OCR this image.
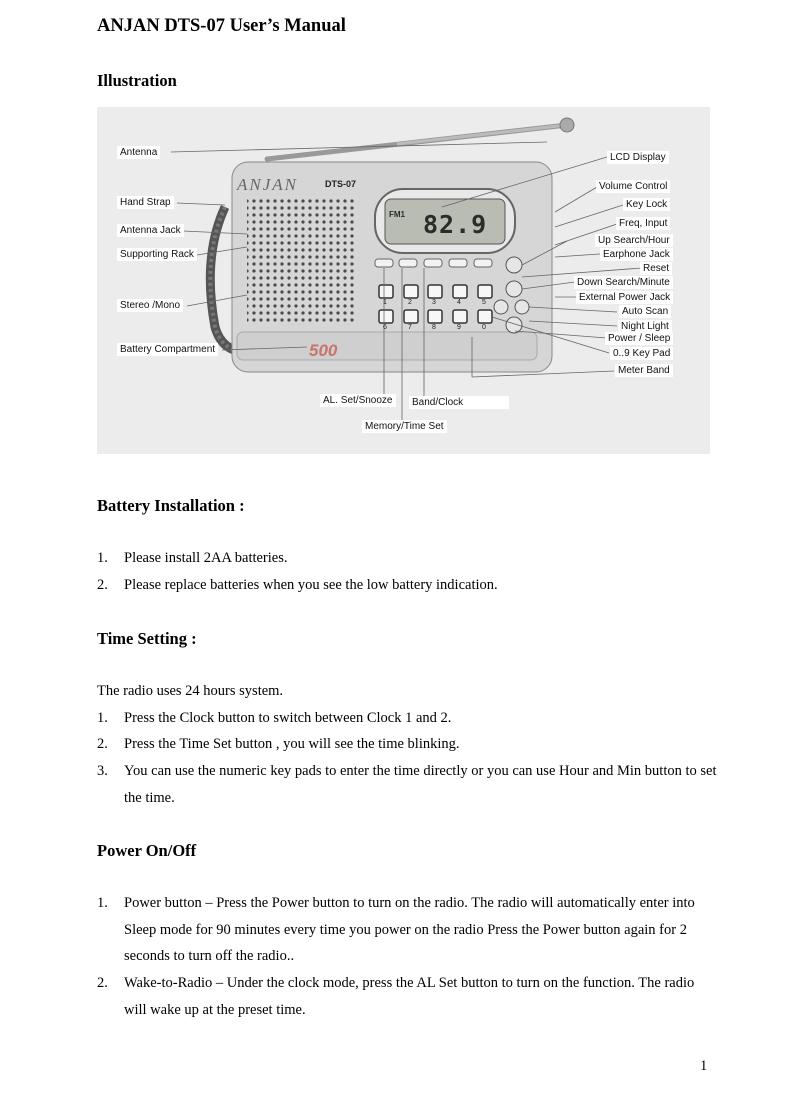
ANJAN DTS-07 User’s Manual
Illustration
ANJAN	DTS-07
FM1 82.9
500
1	2	3	4	5
6	7	8	9	0
Antenna
Hand Strap
Antenna Jack
Supporting Rack
Stereo /Mono
Battery Compartment
LCD Display
Volume Control
Key Lock
Freq, Input
Up Search/Hour
Earphone Jack
Reset
Down Search/Minute
External Power Jack
Auto Scan
Night Light
Power / Sleep
0..9 Key Pad
Meter Band
AL. Set/Snooze	Band/Clock
Memory/Time Set
Battery Installation :
1. Please install 2AA batteries.
2. Please replace batteries when you see the low battery indication.
Time Setting :
The radio uses 24 hours system.
1. Press the Clock button to switch between Clock 1 and 2.
2. Press the Time Set button , you will see the time blinking.
3. You can use the numeric key pads to enter the time directly or you can use Hour and Min button to set the time.
Power On/Off
1. Power button – Press the Power button to turn on the radio. The radio will automatically enter into Sleep mode for 90 minutes every time you power on the radio Press the Power button again for 2 seconds to turn off the radio..
2. Wake-to-Radio – Under the clock mode, press the AL Set button to turn on the function. The radio will wake up at the preset time.
1
